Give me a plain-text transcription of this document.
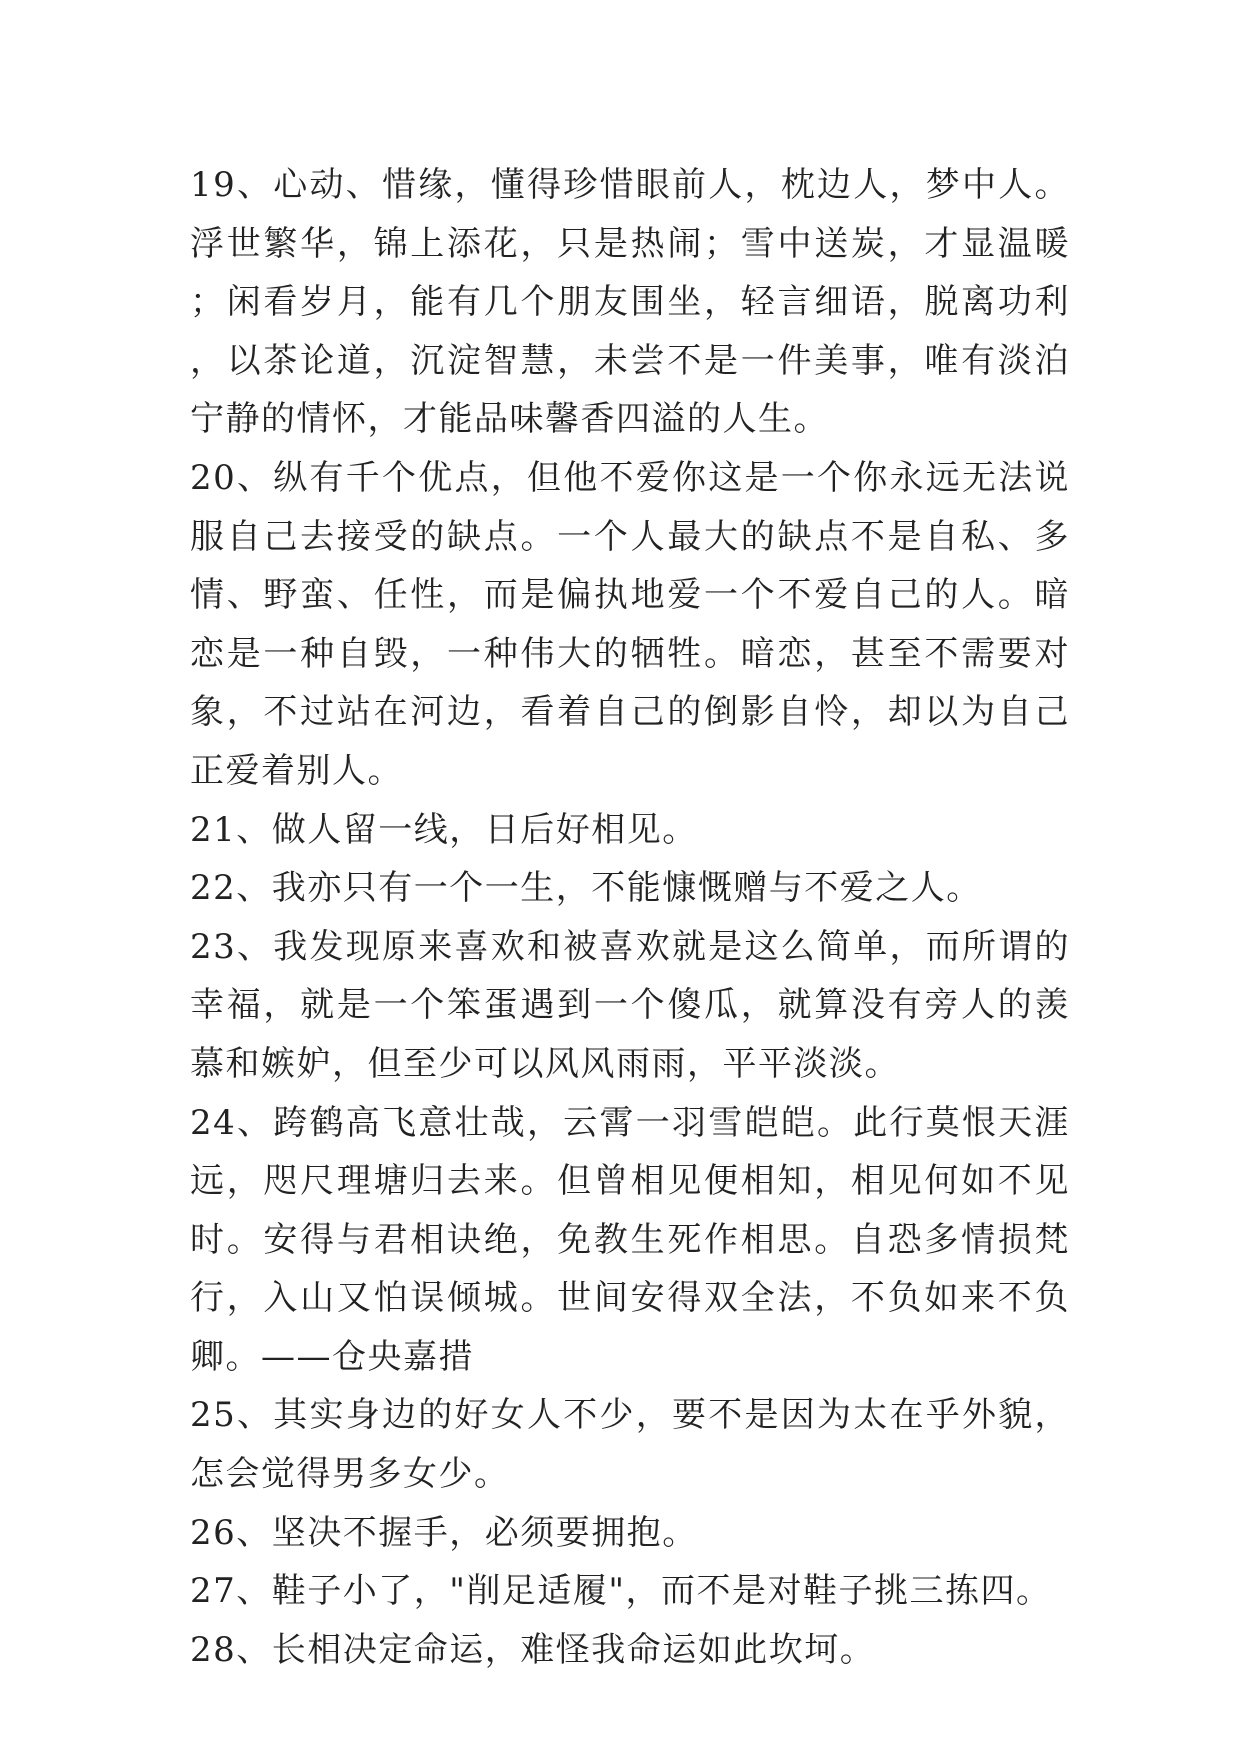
19、心动、惜缘，懂得珍惜眼前人，枕边人，梦中人。浮世繁华，锦上添花，只是热闹；雪中送炭，才显温暖；闲看岁月，能有几个朋友围坐，轻言细语，脱离功利，以茶论道，沉淀智慧，未尝不是一件美事，唯有淡泊宁静的情怀，才能品味馨香四溢的人生。

20、纵有千个优点，但他不爱你这是一个你永远无法说服自己去接受的缺点。一个人最大的缺点不是自私、多情、野蛮、任性，而是偏执地爱一个不爱自己的人。暗恋是一种自毁，一种伟大的牺牲。暗恋，甚至不需要对象，不过站在河边，看着自己的倒影自怜，却以为自己正爱着别人。

21、做人留一线，日后好相见。

22、我亦只有一个一生，不能慷慨赠与不爱之人。

23、我发现原来喜欢和被喜欢就是这么简单，而所谓的幸福，就是一个笨蛋遇到一个傻瓜，就算没有旁人的羡慕和嫉妒，但至少可以风风雨雨，平平淡淡。

24、跨鹤高飞意壮哉，云霄一羽雪皑皑。此行莫恨天涯远，咫尺理塘归去来。但曾相见便相知，相见何如不见时。安得与君相诀绝，免教生死作相思。自恐多情损梵行，入山又怕误倾城。世间安得双全法，不负如来不负卿。——仓央嘉措

25、其实身边的好女人不少，要不是因为太在乎外貌，怎会觉得男多女少。

26、坚决不握手，必须要拥抱。

27、鞋子小了，"削足适履"，而不是对鞋子挑三拣四。

28、长相决定命运，难怪我命运如此坎坷。
